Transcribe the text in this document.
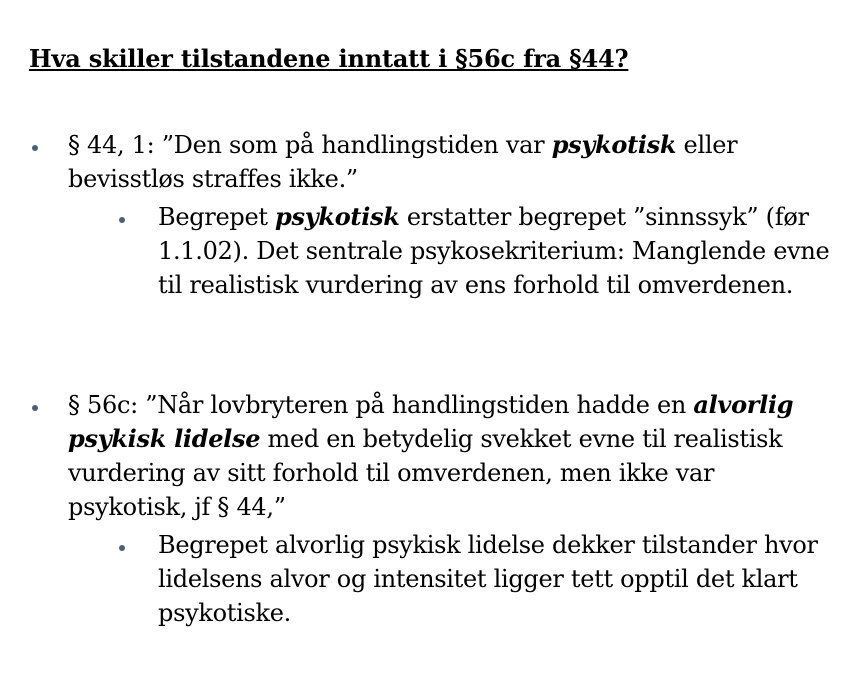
Hva skiller tilstandene inntatt i §56c fra §44?
§ 44, 1: ”Den som på handlingstiden var psykotisk eller bevisstløs straffes ikke.”
Begrepet psykotisk erstatter begrepet ”sinnssyk” (før 1.1.02). Det sentrale psykosekriterium: Manglende evne til realistisk vurdering av ens forhold til omverdenen.
§ 56c: ”Når lovbryteren på handlingstiden hadde en alvorlig psykisk lidelse med en betydelig svekket evne til realistisk vurdering av sitt forhold til omverdenen, men ikke var psykotisk, jf § 44,”
Begrepet alvorlig psykisk lidelse dekker tilstander hvor lidelsens alvor og intensitet ligger tett opptil det klart psykotiske.
